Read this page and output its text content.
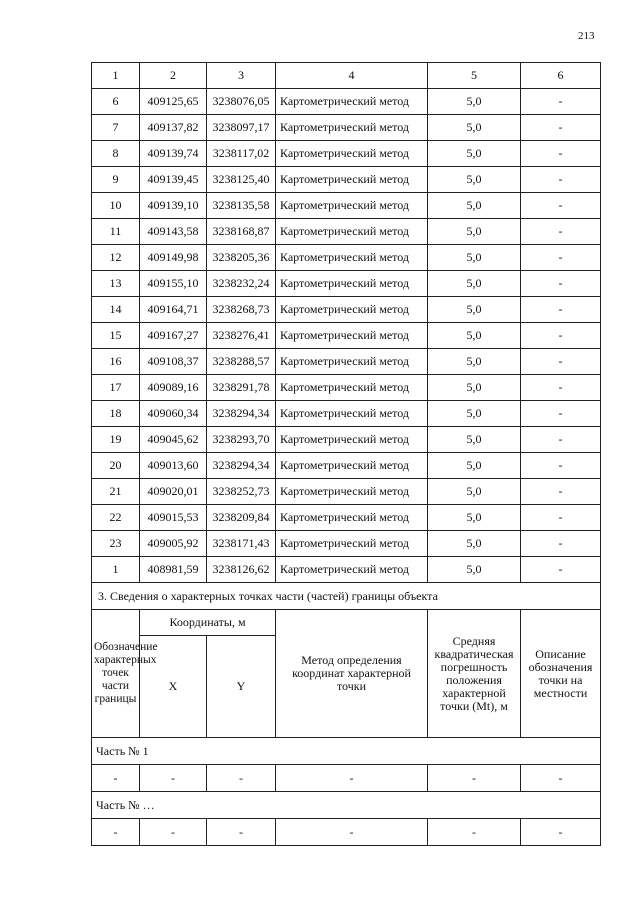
213
1	2	3	4	5	6
6	409125,65	3238076,05	Картометрический метод	5,0	-
7	409137,82	3238097,17	Картометрический метод	5,0	-
8	409139,74	3238117,02	Картометрический метод	5,0	-
9	409139,45	3238125,40	Картометрический метод	5,0	-
10	409139,10	3238135,58	Картометрический метод	5,0	-
11	409143,58	3238168,87	Картометрический метод	5,0	-
12	409149,98	3238205,36	Картометрический метод	5,0	-
13	409155,10	3238232,24	Картометрический метод	5,0	-
14	409164,71	3238268,73	Картометрический метод	5,0	-
15	409167,27	3238276,41	Картометрический метод	5,0	-
16	409108,37	3238288,57	Картометрический метод	5,0	-
17	409089,16	3238291,78	Картометрический метод	5,0	-
18	409060,34	3238294,34	Картометрический метод	5,0	-
19	409045,62	3238293,70	Картометрический метод	5,0	-
20	409013,60	3238294,34	Картометрический метод	5,0	-
21	409020,01	3238252,73	Картометрический метод	5,0	-
22	409015,53	3238209,84	Картометрический метод	5,0	-
23	409005,92	3238171,43	Картометрический метод	5,0	-
1	408981,59	3238126,62	Картометрический метод	5,0	-
3. Сведения о характерных точках части (частей) границы объекта					
Обозначение характерных точек части границы	Координаты, м		Метод определения координат характерной точки	Средняя квадратическая погрешность положения характерной точки (Mt), м	Описание обозначения точки на местности
	X	Y			
Часть № 1					
-	-	-	-	-	-
Часть № …					
-	-	-	-	-	-
